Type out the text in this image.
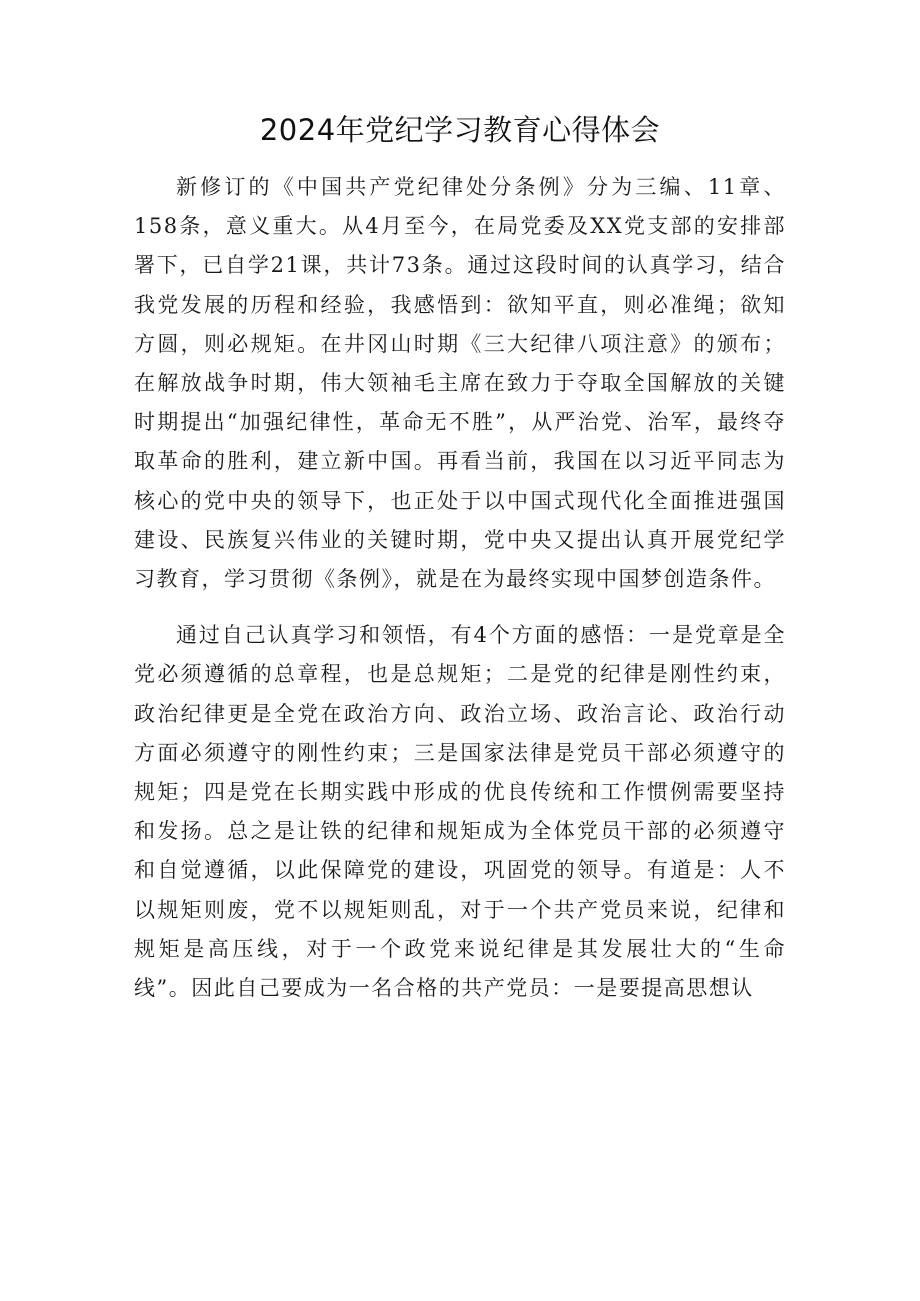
2024年党纪学习教育心得体会

新修订的《中国共产党纪律处分条例》分为三编、11章、158条，意义重大。从4月至今，在局党委及XX党支部的安排部署下，已自学21课，共计73条。通过这段时间的认真学习，结合我党发展的历程和经验，我感悟到：欲知平直，则必准绳；欲知方圆，则必规矩。在井冈山时期《三大纪律八项注意》的颁布；在解放战争时期，伟大领袖毛主席在致力于夺取全国解放的关键时期提出“加强纪律性，革命无不胜”，从严治党、治军，最终夺取革命的胜利，建立新中国。再看当前，我国在以习近平同志为核心的党中央的领导下，也正处于以中国式现代化全面推进强国建设、民族复兴伟业的关键时期，党中央又提出认真开展党纪学习教育，学习贯彻《条例》，就是在为最终实现中国梦创造条件。

通过自己认真学习和领悟，有4个方面的感悟：一是党章是全党必须遵循的总章程，也是总规矩；二是党的纪律是刚性约束，政治纪律更是全党在政治方向、政治立场、政治言论、政治行动方面必须遵守的刚性约束；三是国家法律是党员干部必须遵守的规矩；四是党在长期实践中形成的优良传统和工作惯例需要坚持和发扬。总之是让铁的纪律和规矩成为全体党员干部的必须遵守和自觉遵循，以此保障党的建设，巩固党的领导。有道是：人不以规矩则废，党不以规矩则乱，对于一个共产党员来说，纪律和规矩是高压线，对于一个政党来说纪律是其发展壮大的“生命线”。因此自己要成为一名合格的共产党员：一是要提高思想认
